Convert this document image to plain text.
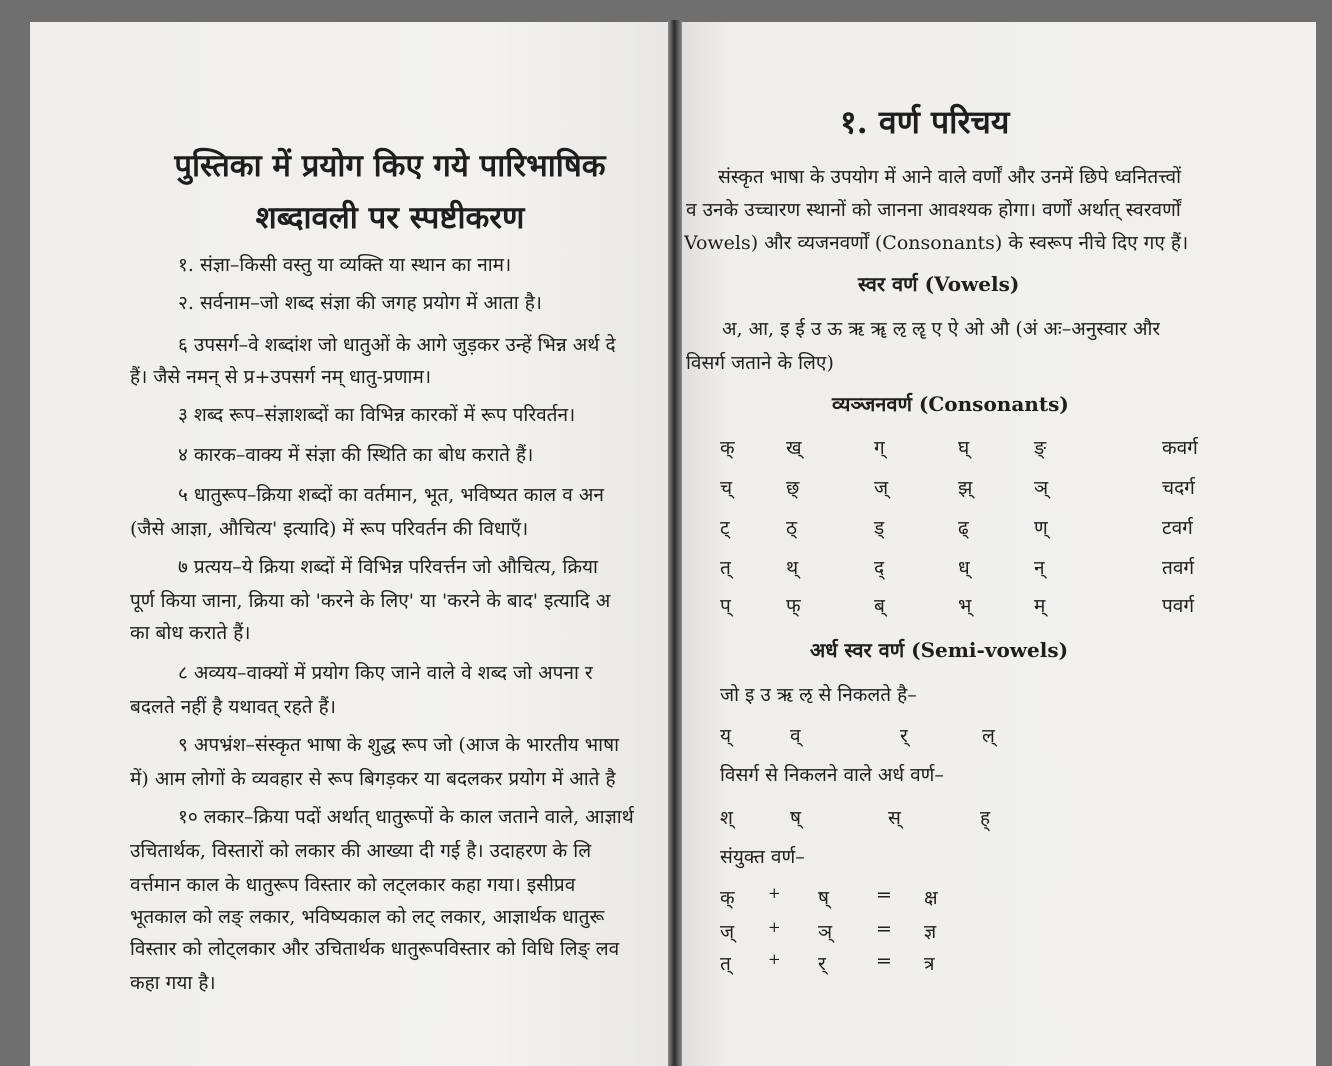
पुस्तिका में प्रयोग किए गये पारिभाषिक
शब्दावली पर स्पष्टीकरण
१. संज्ञा–किसी वस्तु या व्यक्ति या स्थान का नाम।
२. सर्वनाम–जो शब्द संज्ञा की जगह प्रयोग में आता है।
६ उपसर्ग–वे शब्दांश जो धातुओं के आगे जुड़कर उन्हें भिन्न अर्थ दे
हैं। जैसे नमन् से प्र+उपसर्ग नम् धातु-प्रणाम।
३ शब्द रूप–संज्ञाशब्दों का विभिन्न कारकों में रूप परिवर्तन।
४ कारक–वाक्य में संज्ञा की स्थिति का बोध कराते हैं।
५ धातुरूप–क्रिया शब्दों का वर्तमान, भूत, भविष्यत काल व अन
(जैसे आज्ञा, औचित्य' इत्यादि) में रूप परिवर्तन की विधाएँ।
७ प्रत्यय–ये क्रिया शब्दों में विभिन्न परिवर्त्तन जो औचित्य, क्रिया
पूर्ण किया जाना, क्रिया को 'करने के लिए' या 'करने के बाद' इत्यादि अ
का बोध कराते हैं।
८ अव्यय–वाक्यों में प्रयोग किए जाने वाले वे शब्द जो अपना र
बदलते नहीं है यथावत् रहते हैं।
९ अपभ्रंश–संस्कृत भाषा के शुद्ध रूप जो (आज के भारतीय भाषा
में) आम लोगों के व्यवहार से रूप बिगड़कर या बदलकर प्रयोग में आते है
१० लकार–क्रिया पदों अर्थात् धातुरूपों के काल जताने वाले, आज्ञार्थ
उचितार्थक, विस्तारों को लकार की आख्या दी गई है। उदाहरण के लि
वर्त्तमान काल के धातुरूप विस्तार को लट्लकार कहा गया। इसीप्रव
भूतकाल को लङ् लकार, भविष्यकाल को लट् लकार, आज्ञार्थक धातुरू
विस्तार को लोट्लकार और उचितार्थक धातुरूपविस्तार को विधि लिङ् लव
कहा गया है।
१. वर्ण परिचय
संस्कृत भाषा के उपयोग में आने वाले वर्णों और उनमें छिपे ध्वनितत्त्वों
व उनके उच्चारण स्थानों को जानना आवश्यक होगा। वर्णों अर्थात् स्वरवर्णों
Vowels) और व्यजनवर्णों (Consonants) के स्वरूप नीचे दिए गए हैं।
स्वर वर्ण (Vowels)
अ, आ, इ ई उ ऊ ऋ ॠ ऌ ॡ ए ऐ ओ औ (अं अः–अनुस्वार और
विसर्ग जताने के लिए)
व्यञ्जनवर्ण (Consonants)
क्	ख्	ग्	घ्	ङ्	कवर्ग
च्	छ्	ज्	झ्	ञ्	चदर्ग
ट्	ठ्	ड्	ढ्	ण्	टवर्ग
त्	थ्	द्	ध्	न्	तवर्ग
प्	फ्	ब्	भ्	म्	पवर्ग
अर्ध स्वर वर्ण (Semi-vowels)
जो इ उ ऋ ऌ से निकलते है–
य्	व्	र्	ल्
विसर्ग से निकलने वाले अर्ध वर्ण–
श्	ष्	स्	ह्
संयुक्त वर्ण–
क् + ष् = क्ष
ज् + ञ् = ज्ञ
त् + र्	= त्र
